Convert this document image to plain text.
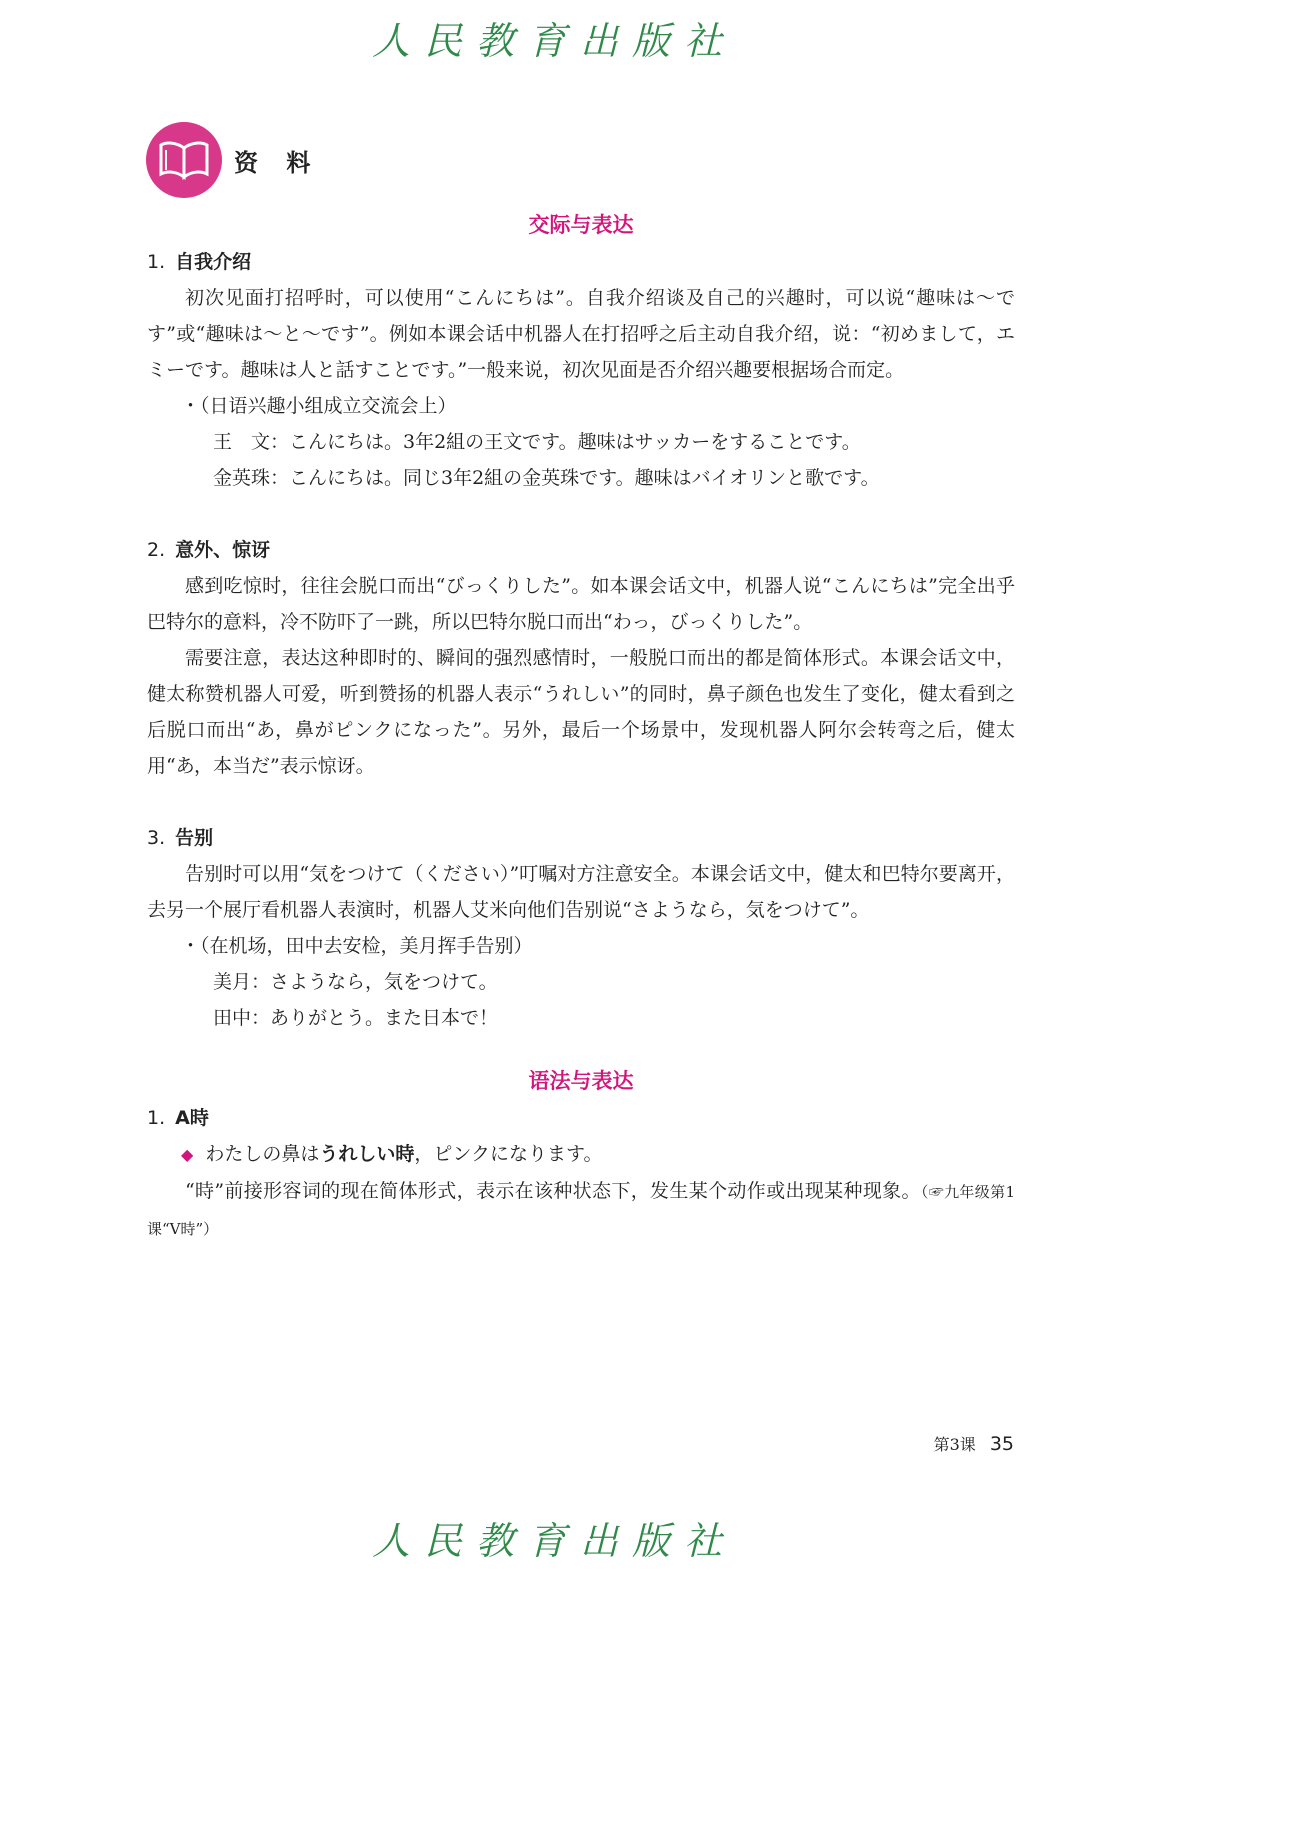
人民教育出版社
资 料
交际与表达
1. 自我介绍

初次见面打招呼时，可以使用“こんにちは”。自我介绍谈及自己的兴趣时，可以说“趣味は～です”或“趣味は～と～です”。例如本课会话中机器人在打招呼之后主动自我介绍，说：“初めまして，エミーです。趣味は人と話すことです。”一般来说，初次见面是否介绍兴趣要根据场合而定。

・（日语兴趣小组成立交流会上）

王　文：こんにちは。3年2組の王文です。趣味はサッカーをすることです。

金英珠：こんにちは。同じ3年2組の金英珠です。趣味はバイオリンと歌です。

2. 意外、惊讶

感到吃惊时，往往会脱口而出“びっくりした”。如本课会话文中，机器人说“こんにちは”完全出乎巴特尔的意料，冷不防吓了一跳，所以巴特尔脱口而出“わっ，びっくりした”。

需要注意，表达这种即时的、瞬间的强烈感情时，一般脱口而出的都是简体形式。本课会话文中，健太称赞机器人可爱，听到赞扬的机器人表示“うれしい”的同时，鼻子颜色也发生了变化，健太看到之后脱口而出“あ，鼻がピンクになった”。另外，最后一个场景中，发现机器人阿尔会转弯之后，健太用“あ，本当だ”表示惊讶。

3. 告别

告别时可以用“気をつけて（ください）”叮嘱对方注意安全。本课会话文中，健太和巴特尔要离开，去另一个展厅看机器人表演时，机器人艾米向他们告别说“さようなら，気をつけて”。

・（在机场，田中去安检，美月挥手告别）

美月：さようなら，気をつけて。

田中：ありがとう。また日本で！

语法与表达
1. A時

◆ わたしの鼻はうれしい時，ピンクになります。

“時”前接形容词的现在简体形式，表示在该种状态下，发生某个动作或出现某种现象。（☞九年级第1课“V時”）

第3课 35
人民教育出版社
